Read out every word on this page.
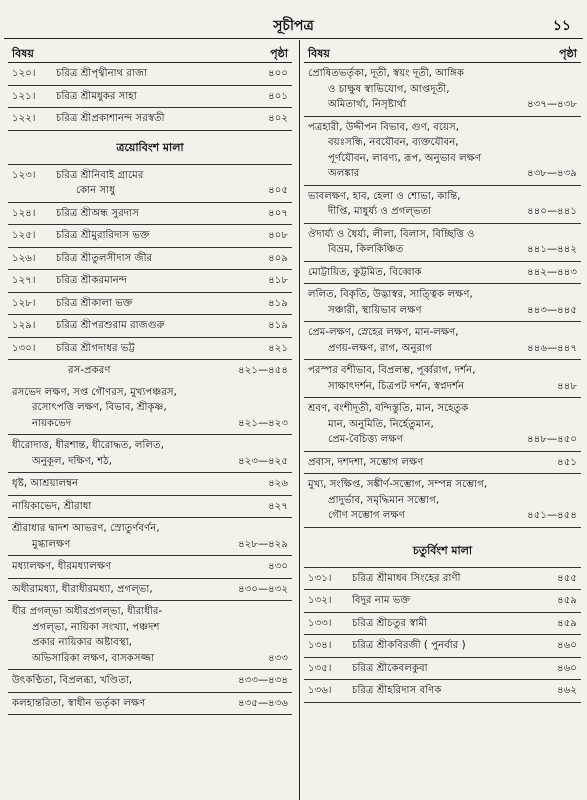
সূচীপত্র	১১
বিষয়	পৃষ্ঠা
১২০।	চরিত্র শ্রীপৃথ্বীনাথ রাজা	৪০০
১২১।	চরিত্র শ্রীমধুকর সাহা	৪০১
১২২।	চরিত্র শ্রীপ্রকাশানন্দ সরস্বতী	৪০২
ত্রয়োবিংশ মালা
১২৩।	চরিত্র শ্রীনিবাই গ্রামের
কোন সাধু	৪০৫
১২৪।	চরিত্র শ্রীঅন্ধ সুরদাস	৪০৭
১২৫।	চরিত্র শ্রীমুরারিদাস ভক্ত	৪০৮
১২৬।	চরিত্র শ্রীতুলসীদাস জীর	৪০৯
১২৭।	চরিত্র শ্রীকরমানন্দ	৪১৮
১২৮।	চরিত্র শ্রীকালা ভক্ত	৪১৯
১২৯।	চরিত্র শ্রীপরশুরাম রাজগুরু	৪১৯
১৩০।	চরিত্র শ্রীগদাধর ভট্ট	৪২১
রস-প্রকরণ	৪২১—৪৫৪
রসভেদ লক্ষণ, সপ্ত গৌণরস, মুখ্যপঞ্চরস,
রসোৎপত্তি লক্ষণ, বিভাব, শ্রীকৃষ্ণ,
নায়কভেদ	৪২১—৪২৩
ধীরোদাত্ত, ধীরশান্ত, ধীরোদ্ধত, ললিত,
অনুকূল, দক্ষিণ, শঠ,	৪২৩—৪২৫
ধৃষ্ট, আশ্রয়ালম্বন	৪২৬
নায়িকাভেদ, শ্রীরাধা	৪২৭
শ্রীরাধার দ্বাদশ আভরণ, স্রোতুর্ণবর্ণন,
মুগ্ধালক্ষণ	৪২৮—৪২৯
মধ্যালক্ষণ, ধীরমধ্যালক্ষণ	৪৩০
অধীরামধ্যা, ধীরাধীরমধ্যা, প্রগল্ভা,	৪৩০—৪৩২
ধীর প্রগল্ভা অধীরপ্রগল্ভা, ধীরাধীর-
প্রগল্ভা, নায়িকা সংখ্যা, পঞ্চদশ
প্রকার নায়িকার অষ্টাবস্থা,
অভিসারিকা লক্ষণ, বাসকসজ্জা	৪৩৩
উৎকণ্ঠিতা, বিপ্রলব্ধা, খণ্ডিতা,	৪৩৩—৪৩৪
কলহান্তরিতা, স্বাধীন ভর্তৃকা লক্ষণ	৪৩৫—৪৩৬
বিষয়	পৃষ্ঠা
প্রোষিতভর্তৃকা, দূতী, স্বয়ং দূতী, আঙ্গিক
ও চাক্ষুষ স্বাভিযোগ, আপ্তদূতী,
অমিতার্থা, নিসৃষ্টার্থা	৪৩৭—৪৩৮
পত্রহারী, উদ্দীপন বিভাব, গুণ, বয়েস,
বয়ঃসন্ধি, নবযৌবন, ব্যক্তযৌবন,
পূর্ণযৌবন, লাবণ্য, রূপ, অনুভাব লক্ষণ
অলঙ্কার	৪৩৮—৪৩৯
ভাবলক্ষণ, হাব, হেলা ও শোভা, কান্তি,
দীপ্তি, মাধুর্য্য ও প্রগল্ভতা	৪৪০—৪৪১
ঔদার্য্য ও ধৈর্য্য, লীলা, বিলাস, বিচ্ছিত্তি ও
বিভ্রম, কিলকিঞ্চিত	৪৪১—৪৪২
মোট্টায়িত, কুট্টমিত, বিব্বোক	৪৪২—৪৪৩
ললিত, বিকৃতি, উদ্ভাস্বর, সাত্ত্বিক লক্ষণ,
সঞ্চারী, স্থায়িভাব লক্ষণ	৪৪৩—৪৪৫
প্রেম-লক্ষণ, স্নেহের লক্ষণ, মান-লক্ষণ,
প্রণয়-লক্ষণ, রাগ, অনুরাগ	৪৪৬—৪৪৭
পরস্পর বশীভাব, বিপ্রলম্ভ, পূর্ব্বরাগ, দর্শন,
সাক্ষাৎদর্শন, চিত্রপট দর্শন, স্বপ্নদর্শন	৪৪৮
শ্রবণ, বংশীদূতী, বন্দিস্তুতি, মান, সহেতুক
মান, অনুমিতি, নির্হেতুমান,
প্রেম-বৈচিত্ত্য লক্ষণ	৪৪৮—৪৫০
প্রবাস, দশদশা, সম্ভোগ লক্ষণ	৪৫১
মুখ্য, সংক্ষিপ্ত, সঙ্কীর্ণ-সম্ভোগ, সম্পন্ন সম্ভোগ,
প্রাদুর্ভাব, সমৃদ্ধিমান সম্ভোগ,
গৌণ সম্ভোগ লক্ষণ	৪৫১—৪৫৪
চতুর্বিংশ মালা
১৩১।	চরিত্র শ্রীমাধব সিংহের রাণী	৪৫৫
১৩২।	বিদুর নাম ভক্ত	৪৫৯
১৩৩।	চরিত্র শ্রীচতুর স্বামী	৪৫৯
১৩৪।	চরিত্র শ্রীকবিরজী ( পুনর্বার )	৪৬০
১৩৫।	চরিত্র শ্রীকেবলকুবা	৪৬০
১৩৬।	চরিত্র শ্রীহরিদাস বণিক	৪৬২
